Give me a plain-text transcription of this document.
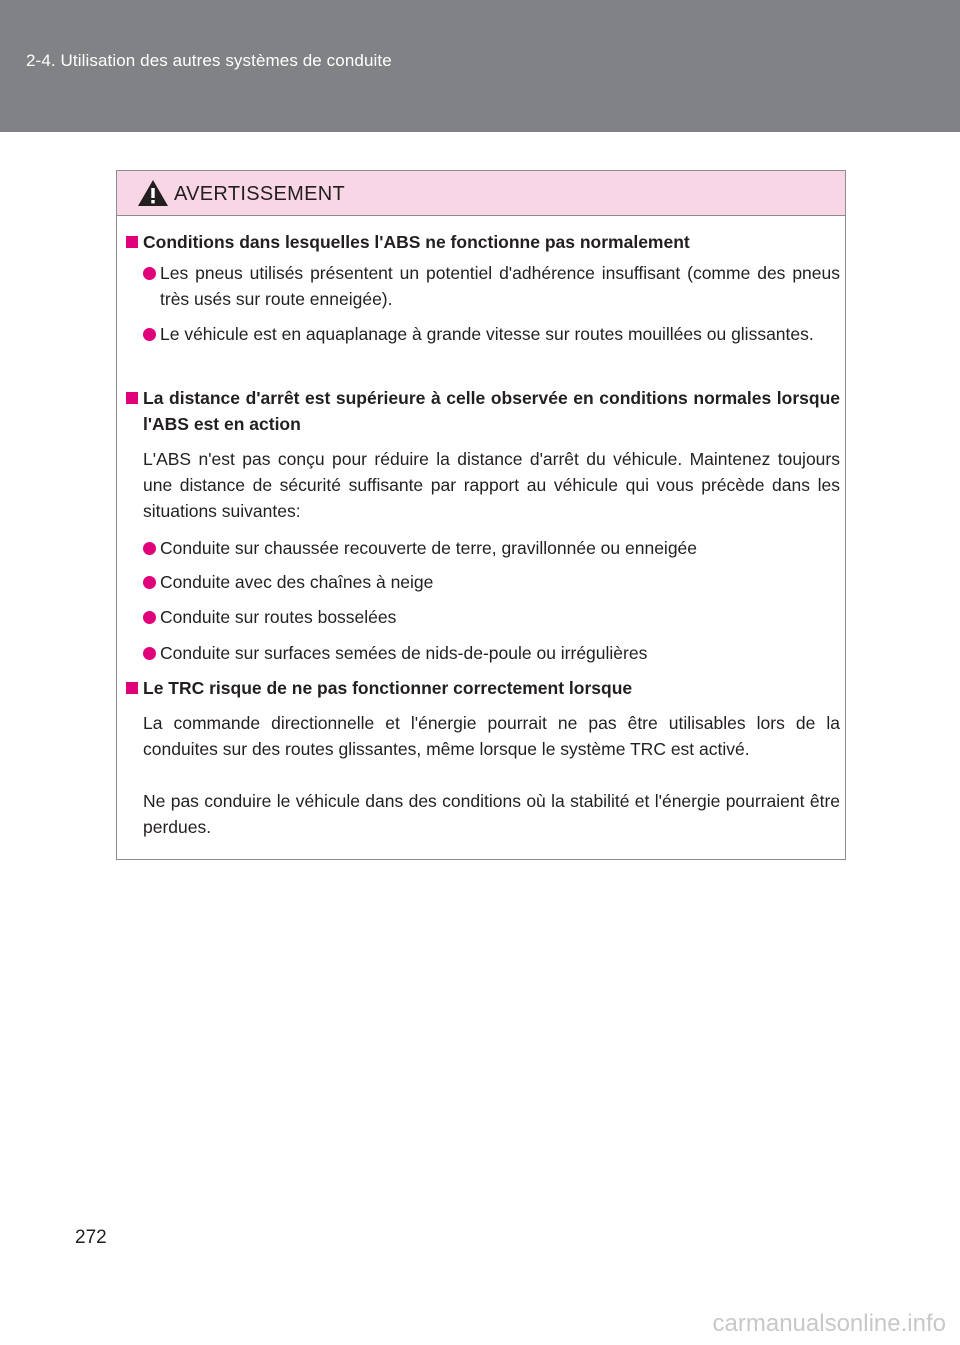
2-4. Utilisation des autres systèmes de conduite
AVERTISSEMENT
Conditions dans lesquelles l'ABS ne fonctionne pas normalement
Les pneus utilisés présentent un potentiel d'adhérence insuffisant (comme des pneus très usés sur route enneigée).
Le véhicule est en aquaplanage à grande vitesse sur routes mouillées ou glissantes.
La distance d'arrêt est supérieure à celle observée en conditions normales lorsque l'ABS est en action
L'ABS n'est pas conçu pour réduire la distance d'arrêt du véhicule. Maintenez toujours une distance de sécurité suffisante par rapport au véhicule qui vous précède dans les situations suivantes:
Conduite sur chaussée recouverte de terre, gravillonnée ou enneigée
Conduite avec des chaînes à neige
Conduite sur routes bosselées
Conduite sur surfaces semées de nids-de-poule ou irrégulières
Le TRC risque de ne pas fonctionner correctement lorsque
La commande directionnelle et l'énergie pourrait ne pas être utilisables lors de la conduites sur des routes glissantes, même lorsque le système TRC est activé.
Ne pas conduire le véhicule dans des conditions où la stabilité et l'énergie pourraient être perdues.
272
carmanualsonline.info
